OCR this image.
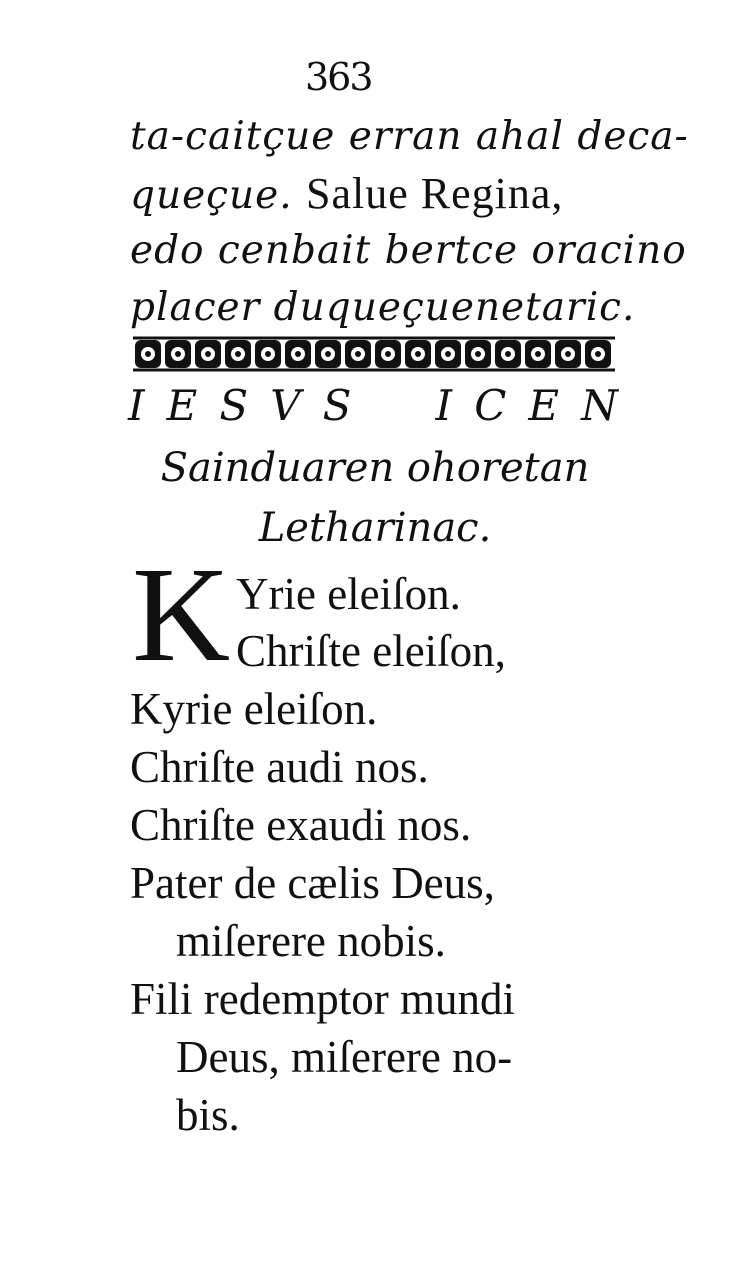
363
ta-caitçue erran ahal deca-
queçue. Salue Regina,
edo cenbait bertce oracino
placer duqueçuenetaric.
I E S V S I C E N
Sainduaren ohoretan
Letharinac.
K Yrie eleiſon.
Chriſte eleiſon,
Kyrie eleiſon.
Chriſte audi nos.
Chriſte exaudi nos.
Pater de cælis Deus,
miſerere nobis.
Fili redemptor mundi
Deus, miſerere no-
bis.
